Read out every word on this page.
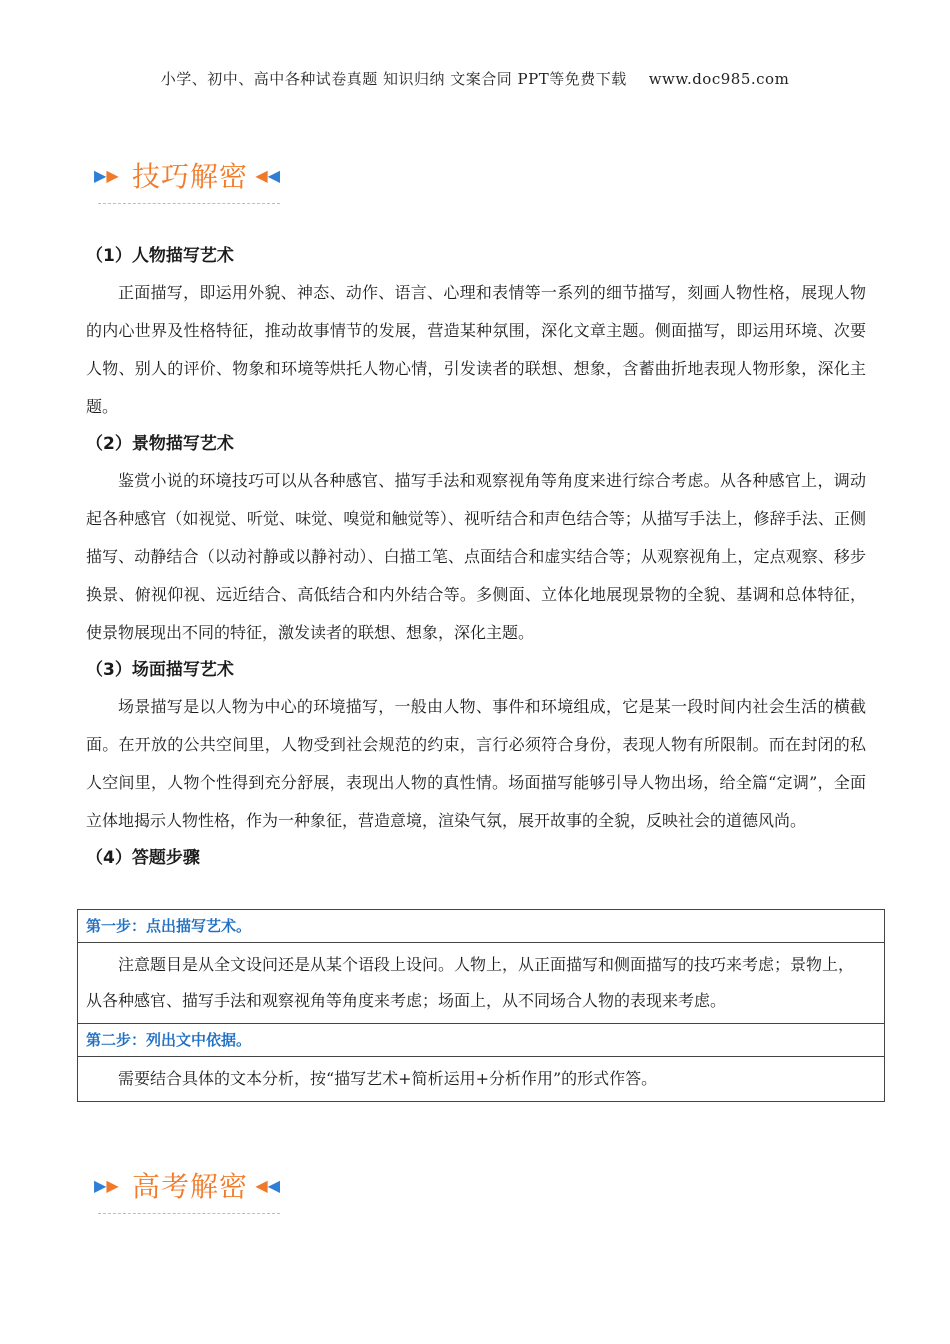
小学、初中、高中各种试卷真题 知识归纳 文案合同 PPT等免费下载 www.doc985.com
▶▶ 技巧解密 ◀◀

（1）人物描写艺术

正面描写，即运用外貌、神态、动作、语言、心理和表情等一系列的细节描写，刻画人物性格，展现人物的内心世界及性格特征，推动故事情节的发展，营造某种氛围，深化文章主题。侧面描写，即运用环境、次要人物、别人的评价、物象和环境等烘托人物心情，引发读者的联想、想象，含蓄曲折地表现人物形象，深化主题。

（2）景物描写艺术

鉴赏小说的环境技巧可以从各种感官、描写手法和观察视角等角度来进行综合考虑。从各种感官上，调动起各种感官（如视觉、听觉、味觉、嗅觉和触觉等）、视听结合和声色结合等；从描写手法上，修辞手法、正侧描写、动静结合（以动衬静或以静衬动）、白描工笔、点面结合和虚实结合等；从观察视角上，定点观察、移步换景、俯视仰视、远近结合、高低结合和内外结合等。多侧面、立体化地展现景物的全貌、基调和总体特征，使景物展现出不同的特征，激发读者的联想、想象，深化主题。

（3）场面描写艺术

场景描写是以人物为中心的环境描写，一般由人物、事件和环境组成，它是某一段时间内社会生活的横截面。在开放的公共空间里，人物受到社会规范的约束，言行必须符合身份，表现人物有所限制。而在封闭的私人空间里，人物个性得到充分舒展，表现出人物的真性情。场面描写能够引导人物出场，给全篇“定调”，全面立体地揭示人物性格，作为一种象征，营造意境，渲染气氛，展开故事的全貌，反映社会的道德风尚。

（4）答题步骤

第一步：点出描写艺术。

注意题目是从全文设问还是从某个语段上设问。人物上，从正面描写和侧面描写的技巧来考虑；景物上，

从各种感官、描写手法和观察视角等角度来考虑；场面上，从不同场合人物的表现来考虑。

第二步：列出文中依据。

需要结合具体的文本分析，按“描写艺术+简析运用+分析作用”的形式作答。

▶▶ 高考解密 ◀◀
